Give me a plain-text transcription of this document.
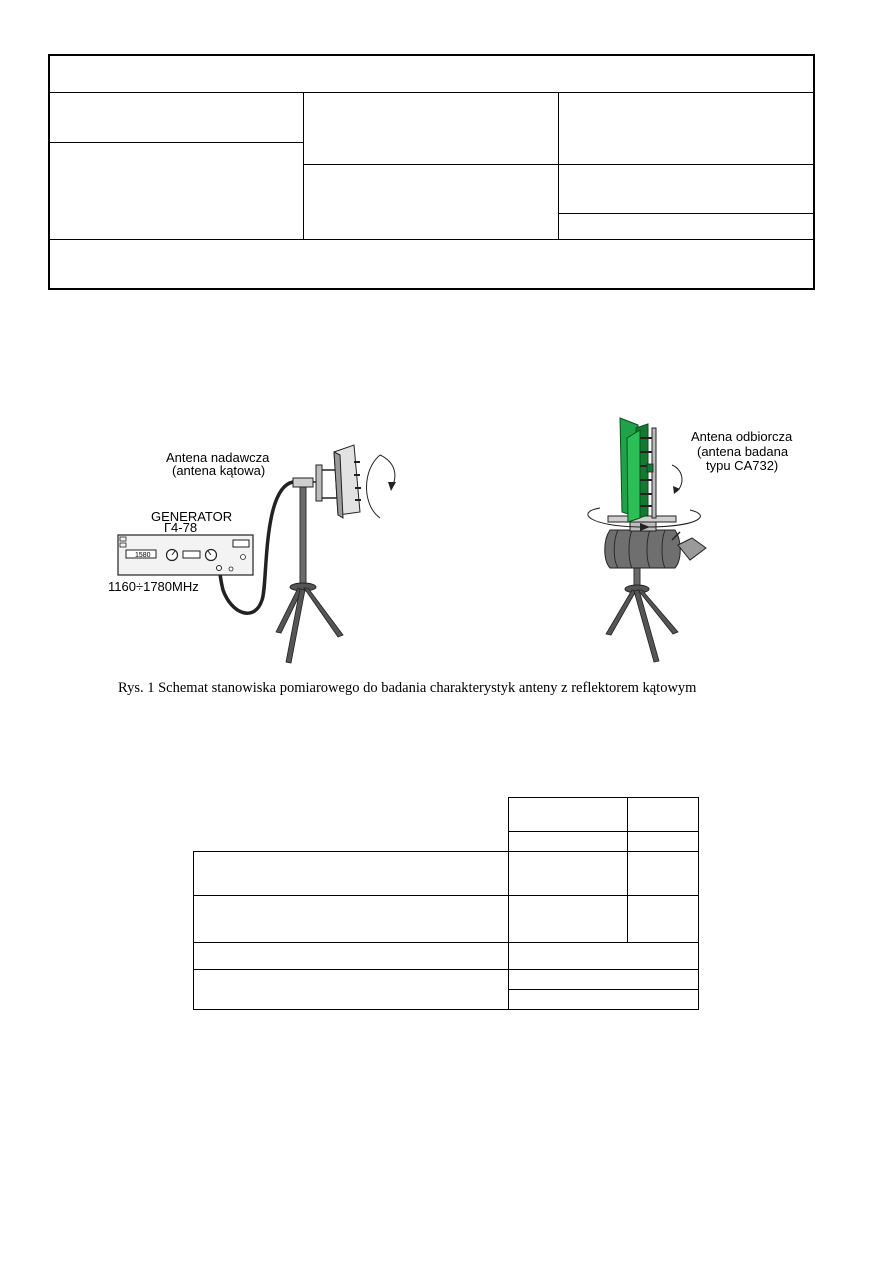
1580
Antena nadawcza
(antena kątowa)
GENERATOR
Г4-78
1160÷1780MHz
Antena odbiorcza
(antena badana
typu CA732)
Rys. 1 Schemat stanowiska pomiarowego do badania charakterystyk anteny z reflektorem kątowym
